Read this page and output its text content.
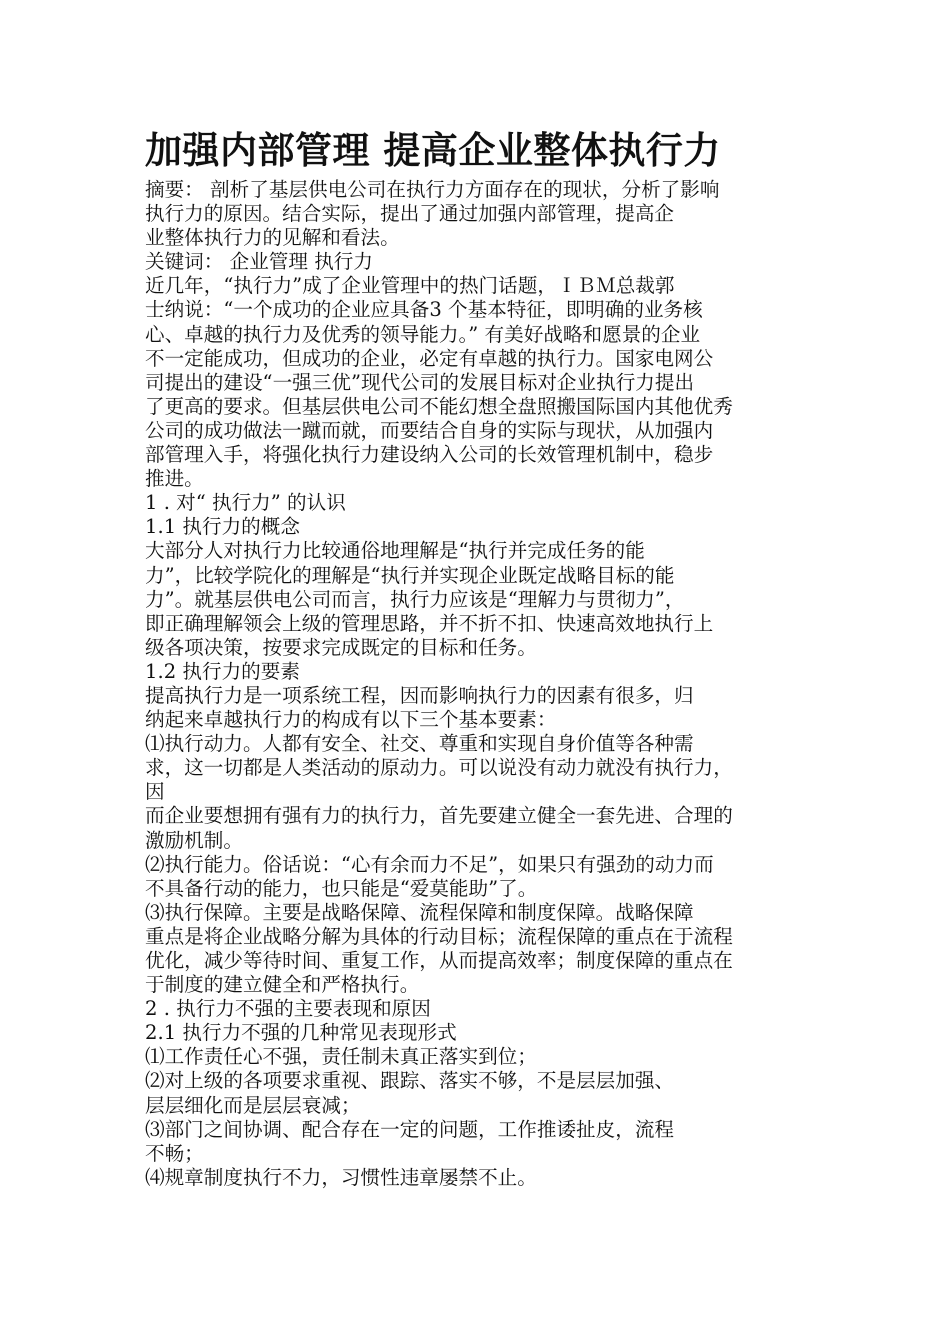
加强内部管理 提高企业整体执行力
摘要： 剖析了基层供电公司在执行力方面存在的现状，分析了影响
执行力的原因。结合实际，提出了通过加强内部管理，提高企
业整体执行力的见解和看法。
关键词： 企业管理 执行力
近几年，“执行力”成了企业管理中的热门话题，ＩＢＭ总裁郭
士纳说：“一个成功的企业应具备3 个基本特征，即明确的业务核
心、卓越的执行力及优秀的领导能力。” 有美好战略和愿景的企业
不一定能成功，但成功的企业，必定有卓越的执行力。国家电网公
司提出的建设“一强三优”现代公司的发展目标对企业执行力提出
了更高的要求。但基层供电公司不能幻想全盘照搬国际国内其他优秀
公司的成功做法一蹴而就，而要结合自身的实际与现状，从加强内
部管理入手，将强化执行力建设纳入公司的长效管理机制中，稳步
推进。
1 . 对“ 执行力” 的认识
1.1 执行力的概念
大部分人对执行力比较通俗地理解是“执行并完成任务的能
力”，比较学院化的理解是“执行并实现企业既定战略目标的能
力”。就基层供电公司而言，执行力应该是“理解力与贯彻力”，
即正确理解领会上级的管理思路，并不折不扣、快速高效地执行上
级各项决策，按要求完成既定的目标和任务。
1.2 执行力的要素
提高执行力是一项系统工程，因而影响执行力的因素有很多，归
纳起来卓越执行力的构成有以下三个基本要素：
⑴执行动力。人都有安全、社交、尊重和实现自身价值等各种需
求，这一切都是人类活动的原动力。可以说没有动力就没有执行力，
因
而企业要想拥有强有力的执行力，首先要建立健全一套先进、合理的
激励机制。
⑵执行能力。俗话说：“心有余而力不足”，如果只有强劲的动力而
不具备行动的能力，也只能是“爱莫能助”了。
⑶执行保障。主要是战略保障、流程保障和制度保障。战略保障
重点是将企业战略分解为具体的行动目标；流程保障的重点在于流程
优化，减少等待时间、重复工作，从而提高效率；制度保障的重点在
于制度的建立健全和严格执行。
2 . 执行力不强的主要表现和原因
2.1 执行力不强的几种常见表现形式
⑴工作责任心不强，责任制未真正落实到位；
⑵对上级的各项要求重视、跟踪、落实不够，不是层层加强、
层层细化而是层层衰减；
⑶部门之间协调、配合存在一定的问题，工作推诿扯皮，流程
不畅；
⑷规章制度执行不力，习惯性违章屡禁不止。
